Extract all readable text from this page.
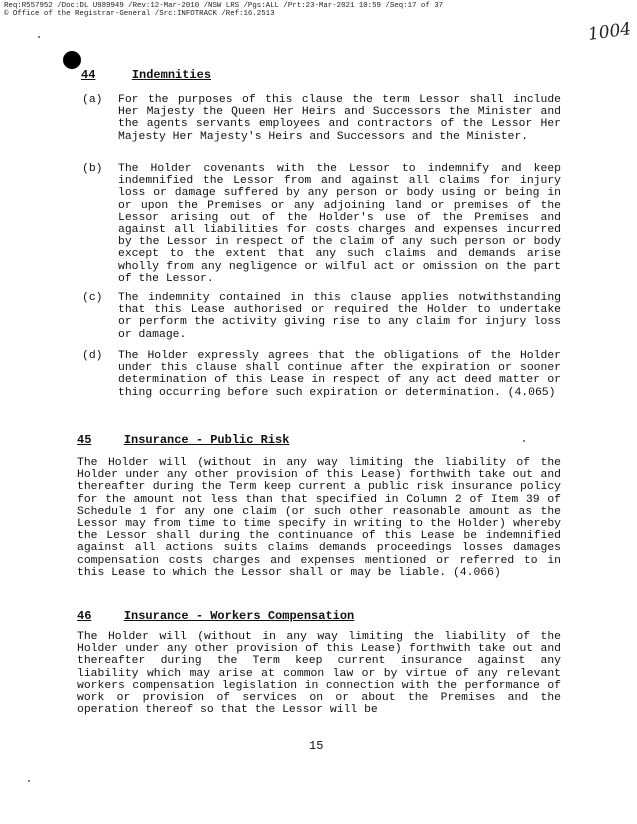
Req:R557952 /Doc:DL U989949 /Rev:12-Mar-2010 /NSW LRS /Pgs:ALL /Prt:23-Mar-2021 10:59 /Seq:17 of 37
© Office of the Registrar-General /Src:INFOTRACK /Ref:16.2513
1004
44	Indemnities
(a) For the purposes of this clause the term Lessor shall include Her Majesty the Queen Her Heirs and Successors the Minister and the agents servants employees and contractors of the Lessor Her Majesty Her Majesty's Heirs and Successors and the Minister.
(b) The Holder covenants with the Lessor to indemnify and keep indemnified the Lessor from and against all claims for injury loss or damage suffered by any person or body using or being in or upon the Premises or any adjoining land or premises of the Lessor arising out of the Holder's use of the Premises and against all liabilities for costs charges and expenses incurred by the Lessor in respect of the claim of any such person or body except to the extent that any such claims and demands arise wholly from any negligence or wilful act or omission on the part of the Lessor.
(c) The indemnity contained in this clause applies notwithstanding that this Lease authorised or required the Holder to undertake or perform the activity giving rise to any claim for injury loss or damage.
(d) The Holder expressly agrees that the obligations of the Holder under this clause shall continue after the expiration or sooner determination of this Lease in respect of any act deed matter or thing occurring before such expiration or determination. (4.065)
45	Insurance - Public Risk
The Holder will (without in any way limiting the liability of the Holder under any other provision of this Lease) forthwith take out and thereafter during the Term keep current a public risk insurance policy for the amount not less than that specified in Column 2 of Item 39 of Schedule 1 for any one claim (or such other reasonable amount as the Lessor may from time to time specify in writing to the Holder) whereby the Lessor shall during the continuance of this Lease be indemnified against all actions suits claims demands proceedings losses damages compensation costs charges and expenses mentioned or referred to in this Lease to which the Lessor shall or may be liable. (4.066)
46	Insurance - Workers Compensation
The Holder will (without in any way limiting the liability of the Holder under any other provision of this Lease) forthwith take out and thereafter during the Term keep current insurance against any liability which may arise at common law or by virtue of any relevant workers compensation legislation in connection with the performance of work or provision of services on or about the Premises and the operation thereof so that the Lessor will be
15
